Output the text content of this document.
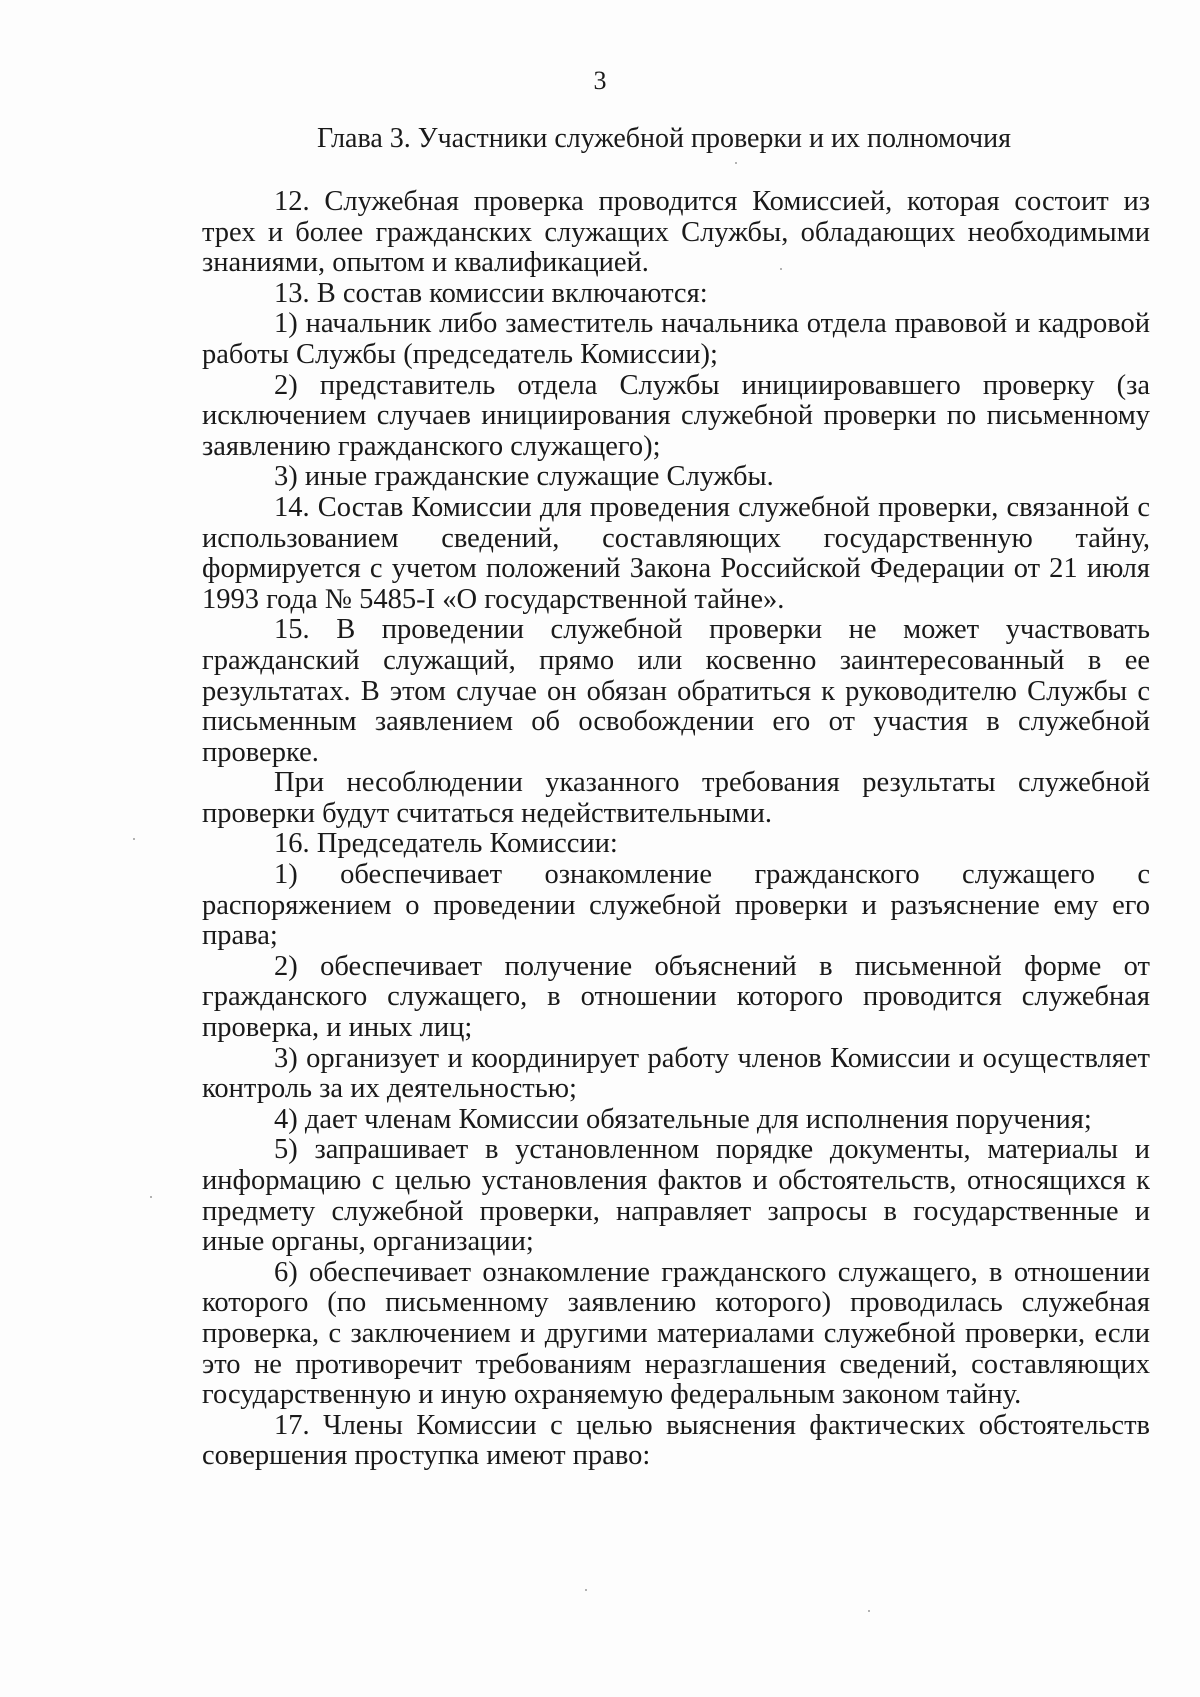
3
Глава 3. Участники служебной проверки и их полномочия

12. Служебная проверка проводится Комиссией, которая состоит из трех и более гражданских служащих Службы, обладающих необходимыми знаниями, опытом и квалификацией.

13. В состав комиссии включаются:

1) начальник либо заместитель начальника отдела правовой и кадровой работы Службы (председатель Комиссии);

2) представитель отдела Службы инициировавшего проверку (за исключением случаев инициирования служебной проверки по письменному заявлению гражданского служащего);

3) иные гражданские служащие Службы.

14. Состав Комиссии для проведения служебной проверки, связанной с использованием сведений, составляющих государственную тайну, формируется с учетом положений Закона Российской Федерации от 21 июля 1993 года № 5485-I «О государственной тайне».

15. В проведении служебной проверки не может участвовать гражданский служащий, прямо или косвенно заинтересованный в ее результатах. В этом случае он обязан обратиться к руководителю Службы с письменным заявлением об освобождении его от участия в служебной проверке.

При несоблюдении указанного требования результаты служебной проверки будут считаться недействительными.

16. Председатель Комиссии:

1) обеспечивает ознакомление гражданского служащего с распоряжением о проведении служебной проверки и разъяснение ему его права;

2) обеспечивает получение объяснений в письменной форме от гражданского служащего, в отношении которого проводится служебная проверка, и иных лиц;

3) организует и координирует работу членов Комиссии и осуществляет контроль за их деятельностью;

4) дает членам Комиссии обязательные для исполнения поручения;

5) запрашивает в установленном порядке документы, материалы и информацию с целью установления фактов и обстоятельств, относящихся к предмету служебной проверки, направляет запросы в государственные и иные органы, организации;

6) обеспечивает ознакомление гражданского служащего, в отношении которого (по письменному заявлению которого) проводилась служебная проверка, с заключением и другими материалами служебной проверки, если это не противоречит требованиям неразглашения сведений, составляющих государственную и иную охраняемую федеральным законом тайну.

17. Члены Комиссии с целью выяснения фактических обстоятельств совершения проступка имеют право:
